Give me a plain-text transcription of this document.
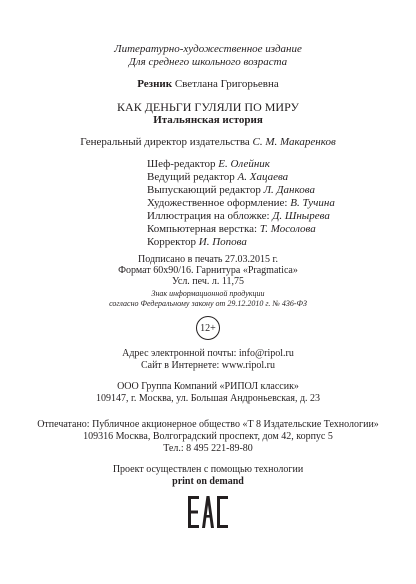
Литературно-художественное издание
Для среднего школьного возраста
Резник Светлана Григорьевна
КАК ДЕНЬГИ ГУЛЯЛИ ПО МИРУ
Итальянская история
Генеральный директор издательства С. М. Макаренков
Шеф-редактор Е. Олейник
Ведущий редактор А. Хацаева
Выпускающий редактор Л. Данкова
Художественное оформление: В. Тучина
Иллюстрация на обложке: Д. Шнырева
Компьютерная верстка: Т. Мосолова
Корректор И. Попова
Подписано в печать 27.03.2015 г.
Формат 60х90/16. Гарнитура «Pragmatica»
Усл. печ. л. 11,75
Знак информационной продукции
согласно Федеральному закону от 29.12.2010 г. № 436-ФЗ
12+
Адрес электронной почты: info@ripol.ru
Сайт в Интернете: www.ripol.ru
ООО Группа Компаний «РИПОЛ классик»
109147, г. Москва, ул. Большая Андроньевская, д. 23
Отпечатано: Публичное акционерное общество «Т 8 Издательские Технологии»
109316 Москва, Волгоградский проспект, дом 42, корпус 5
Тел.: 8 495 221-89-80
Проект осуществлен с помощью технологии
print on demand
